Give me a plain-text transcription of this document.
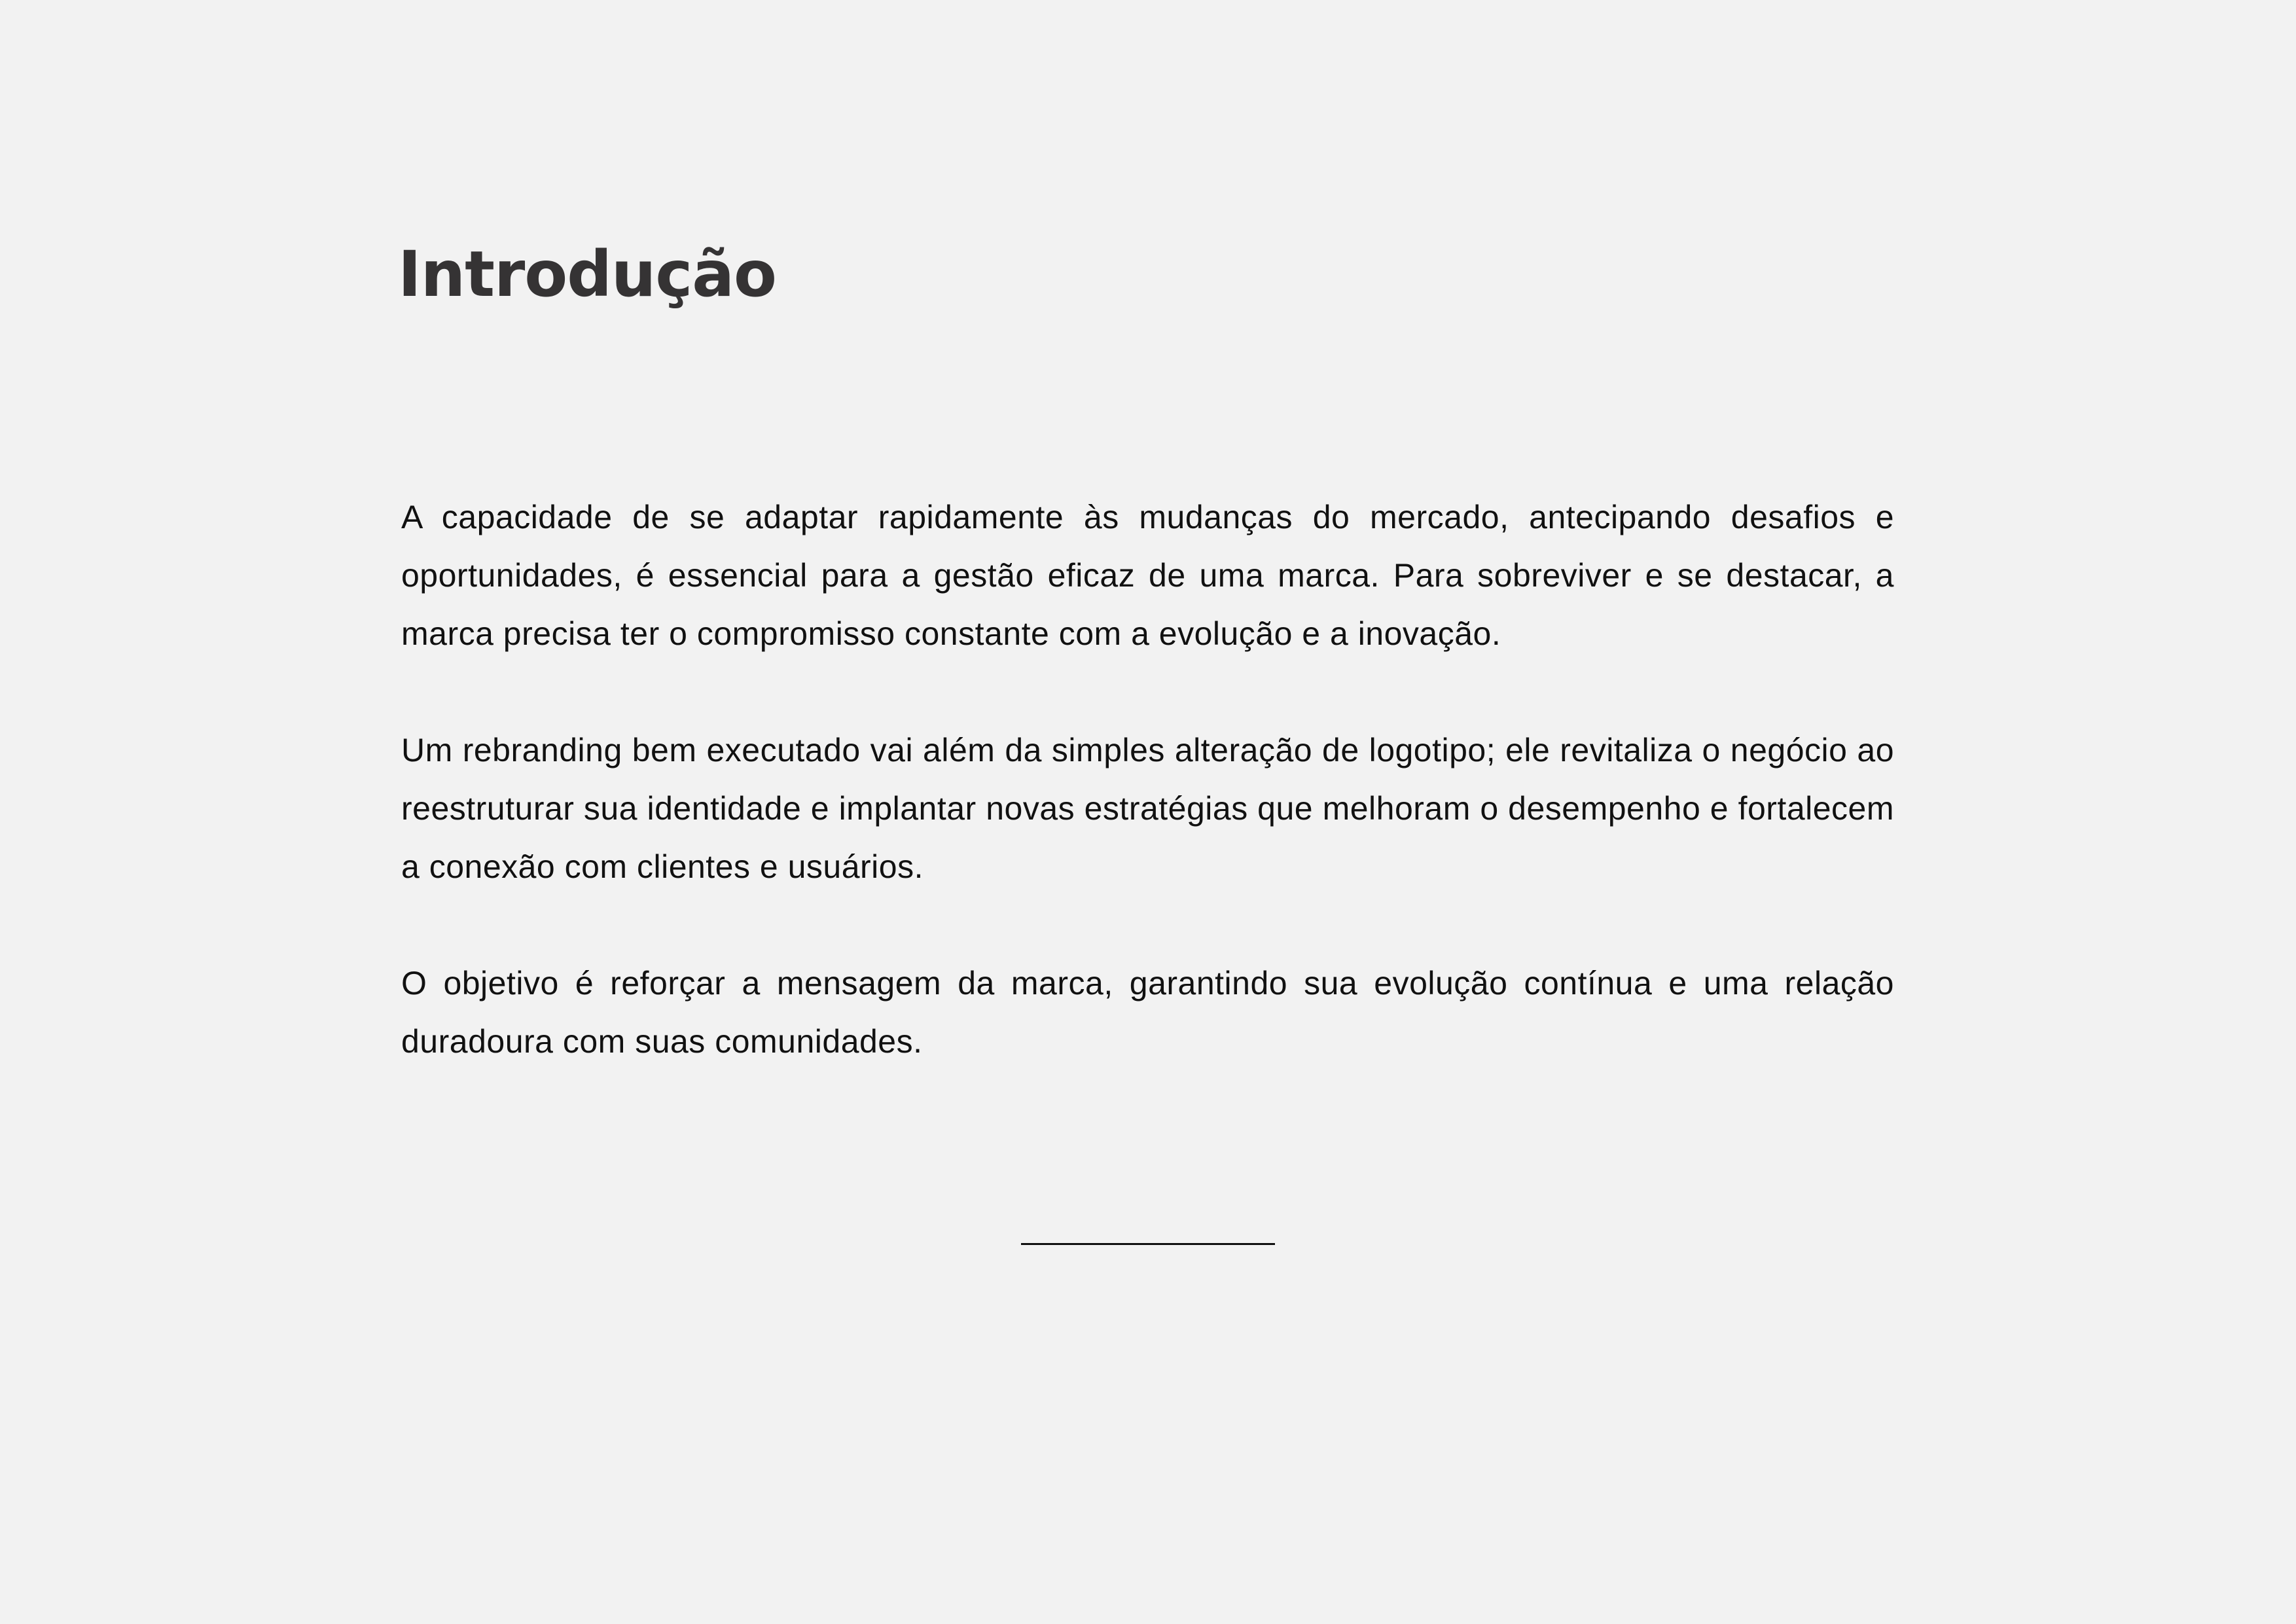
Introdução

A capacidade de se adaptar rapidamente às mudanças do mercado, antecipando desafios e oportunidades, é essencial para a gestão eficaz de uma marca. Para sobreviver e se destacar, a marca precisa ter o compromisso constante com a evolução e a inovação.

Um rebranding bem executado vai além da simples alteração de logotipo; ele revitaliza o negócio ao reestruturar sua identidade e implantar novas estratégias que melhoram o desempenho e fortalecem a conexão com clientes e usuários.

O objetivo é reforçar a mensagem da marca, garantindo sua evolução contínua e uma relação duradoura com suas comunidades.
